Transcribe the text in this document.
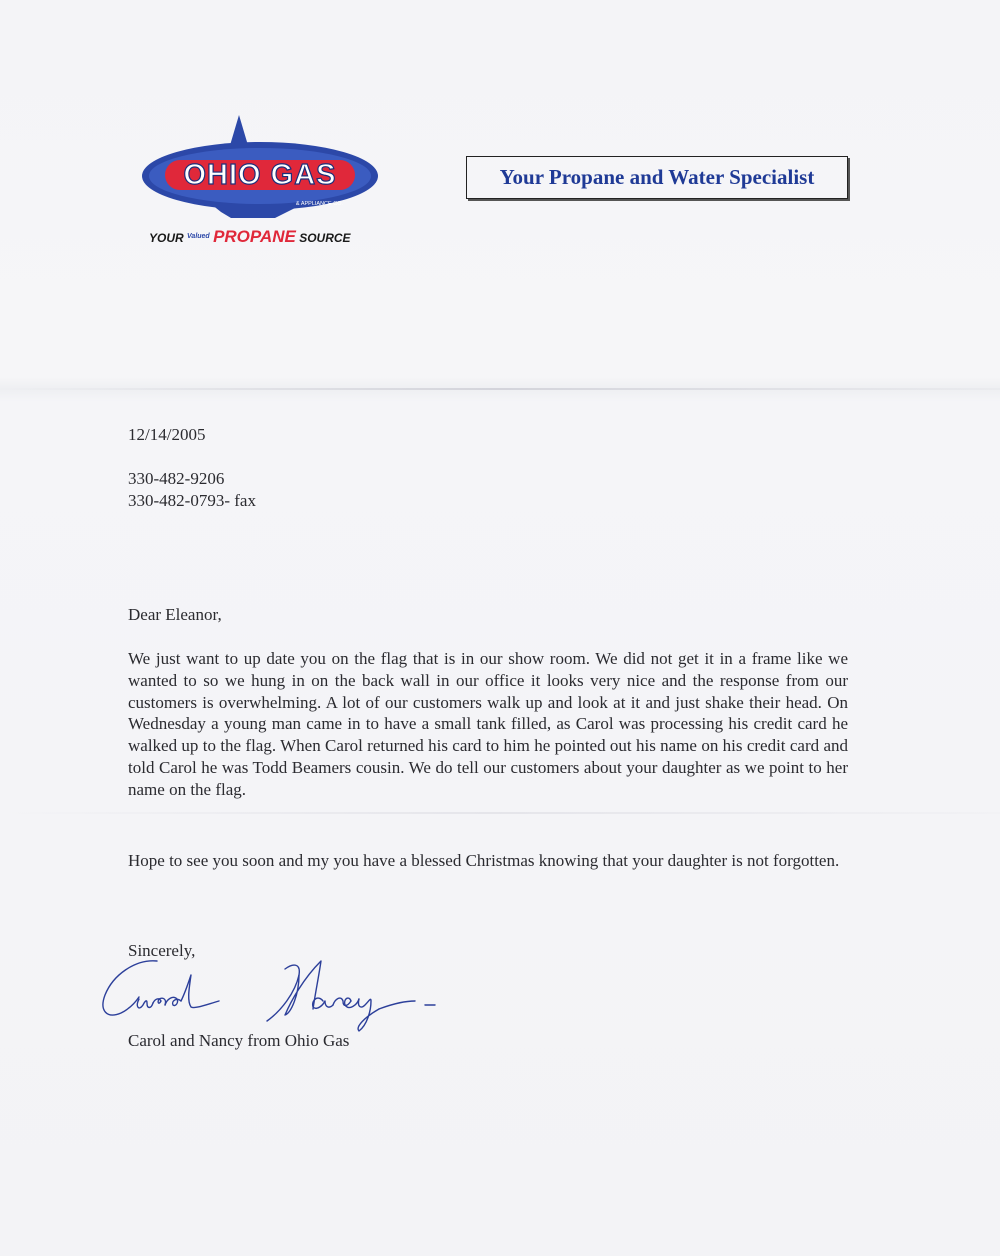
OHIO GAS
& APPLIANCE CO.
YOUR $^{Valued}$ PROPANE SOURCE
Your Propane and Water Specialist
12/14/2005
330-482-9206
330-482-0793- fax
Dear Eleanor,

We just want to up date you on the flag that is in our show room. We did not get it in a frame like we wanted to so we hung in on the back wall in our office it looks very nice and the response from our customers is overwhelming. A lot of our customers walk up and look at it and just shake their head. On Wednesday a young man came in to have a small tank filled, as Carol was processing his credit card he walked up to the flag. When Carol returned his card to him he pointed out his name on his credit card and told Carol he was Todd Beamers cousin. We do tell our customers about your daughter as we point to her name on the flag.

Hope to see you soon and my you have a blessed Christmas knowing that your daughter is not forgotten.

Sincerely,
Carol and Nancy from Ohio Gas
